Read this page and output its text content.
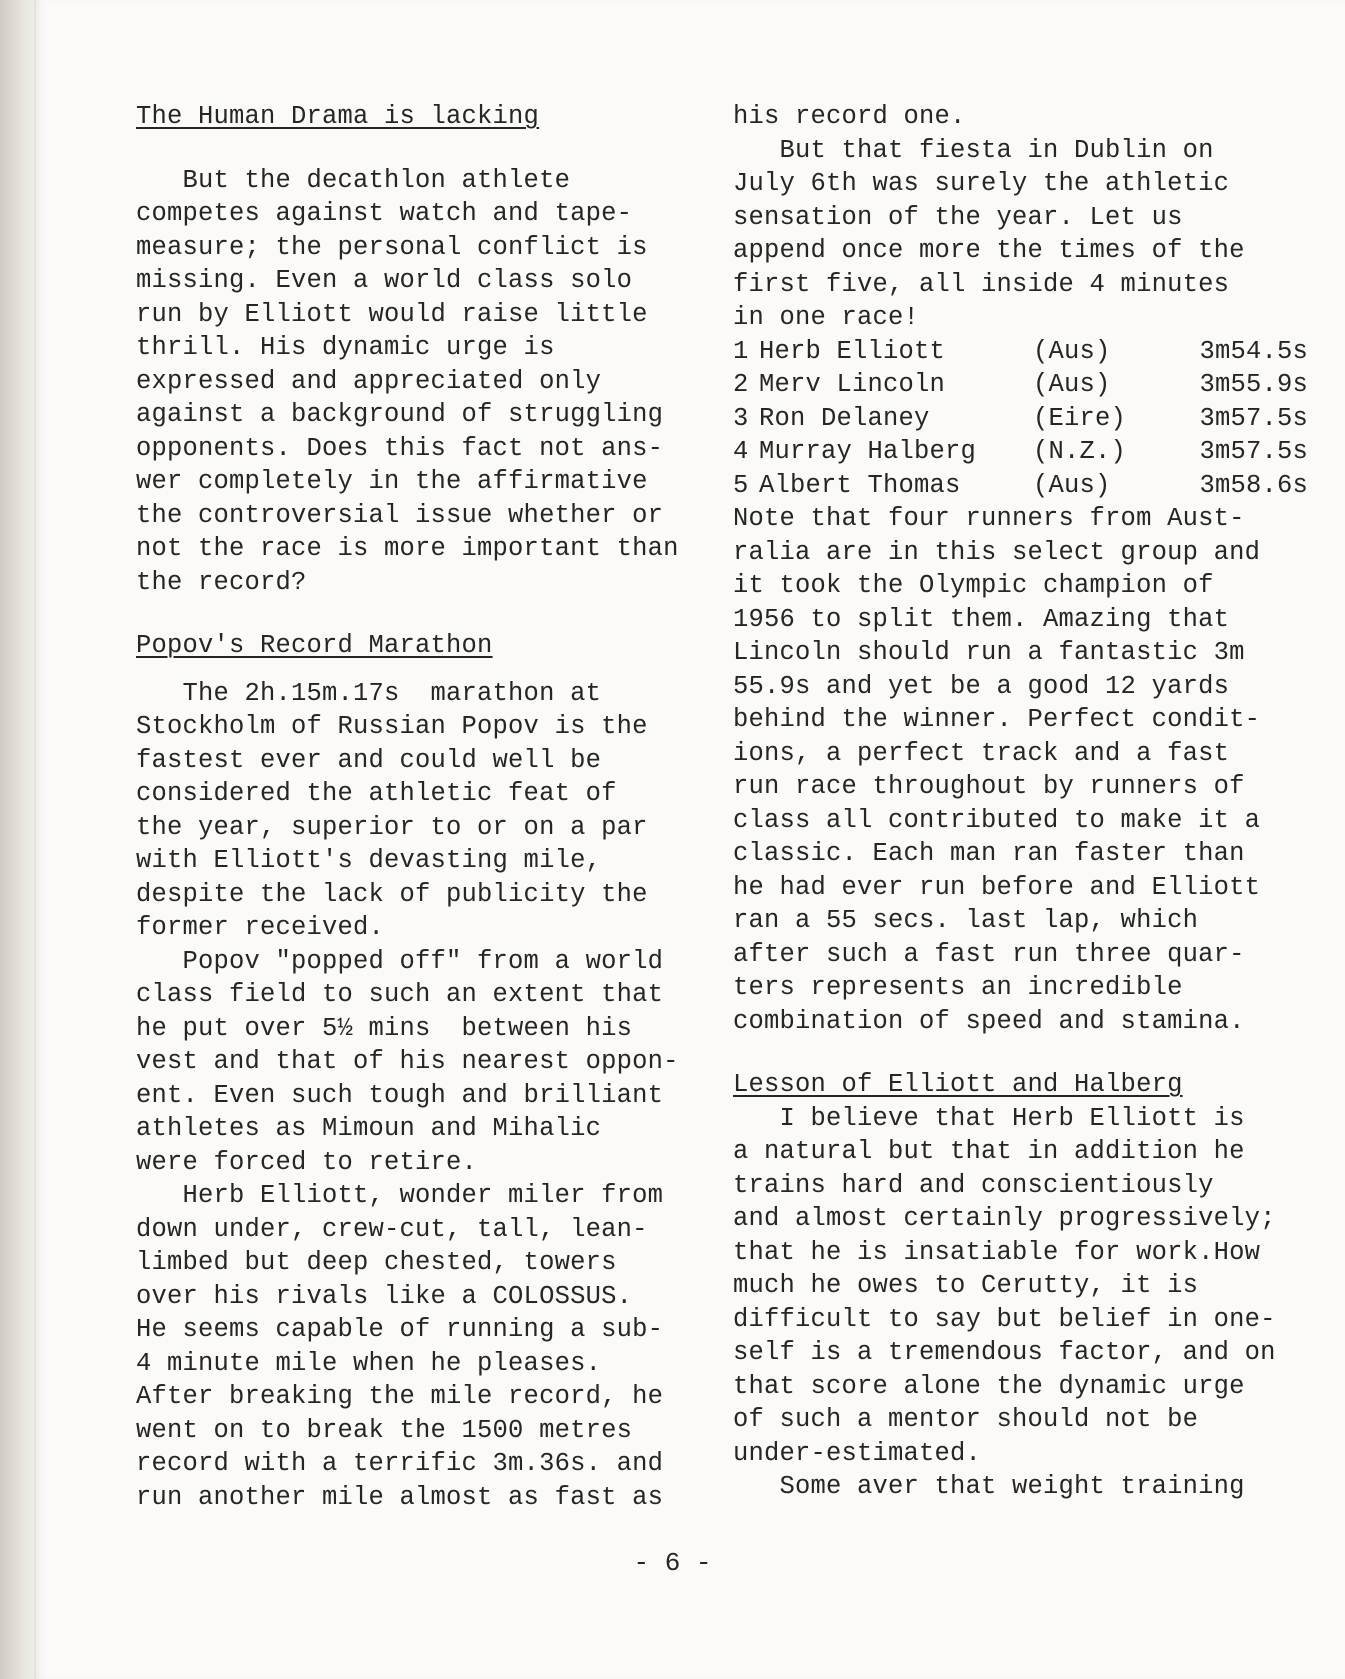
The Human Drama is lacking
But the decathlon athlete
competes against watch and tape-
measure; the personal conflict is
missing. Even a world class solo
run by Elliott would raise little
thrill. His dynamic urge is
expressed and appreciated only
against a background of struggling
opponents. Does this fact not ans-
wer completely in the affirmative
the controversial issue whether or
not the race is more important than
the record?
Popov's Record Marathon
The 2h.15m.17s  marathon at
Stockholm of Russian Popov is the
fastest ever and could well be
considered the athletic feat of
the year, superior to or on a par
with Elliott's devasting mile,
despite the lack of publicity the
former received.
Popov "popped off" from a world
class field to such an extent that
he put over 5½ mins  between his
vest and that of his nearest oppon-
ent. Even such tough and brilliant
athletes as Mimoun and Mihalic
were forced to retire.
Herb Elliott, wonder miler from
down under, crew-cut, tall, lean-
limbed but deep chested, towers
over his rivals like a COLOSSUS.
He seems capable of running a sub-
4 minute mile when he pleases.
After breaking the mile record, he
went on to break the 1500 metres
record with a terrific 3m.36s. and
run another mile almost as fast as
his record one.
But that fiesta in Dublin on
July 6th was surely the athletic
sensation of the year. Let us
append once more the times of the
first five, all inside 4 minutes
in one race!
1 Herb Elliott	(Aus)	3m54.5s
2 Merv Lincoln	(Aus)	3m55.9s
3 Ron Delaney	(Eire)	3m57.5s
4 Murray Halberg	(N.Z.)	3m57.5s
5 Albert Thomas	(Aus)	3m58.6s
Note that four runners from Aust-
ralia are in this select group and
it took the Olympic champion of
1956 to split them. Amazing that
Lincoln should run a fantastic 3m
55.9s and yet be a good 12 yards
behind the winner. Perfect condit-
ions, a perfect track and a fast
run race throughout by runners of
class all contributed to make it a
classic. Each man ran faster than
he had ever run before and Elliott
ran a 55 secs. last lap, which
after such a fast run three quar-
ters represents an incredible
combination of speed and stamina.
Lesson of Elliott and Halberg
I believe that Herb Elliott is
a natural but that in addition he
trains hard and conscientiously
and almost certainly progressively;
that he is insatiable for work.How
much he owes to Cerutty, it is
difficult to say but belief in one-
self is a tremendous factor, and on
that score alone the dynamic urge
of such a mentor should not be
under-estimated.
Some aver that weight training
- 6 -
